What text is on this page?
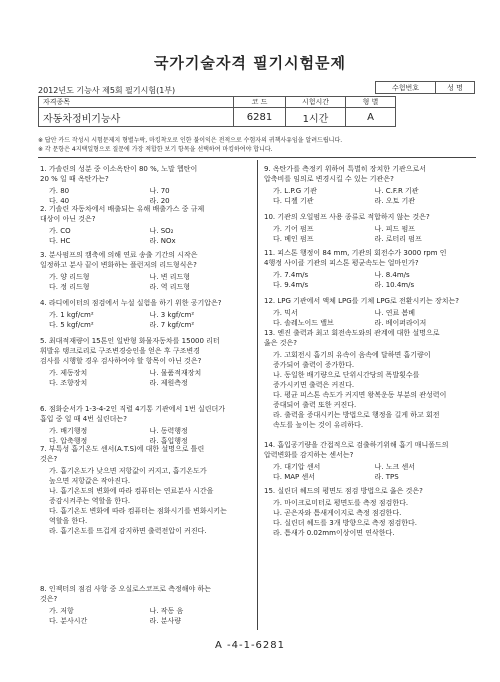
국가기술자격 필기시험문제
2012년도 기능사 제5회 필기시험(1부)	수험번호	성 명
자격종목	코 드	시험시간	형 별	
자동차정비기능사	6281	1시간	A	
※ 답안 카드 작성시 시험문제지 형별누락, 마킹착오로 인한 불이익은 전적으로 수험자의 귀책사유임을 알려드립니다.
※ 각 문항은 4지택일형으로 질문에 가장 적합한 보기 항목을 선택하여 마킹하여야 합니다.
1. 가솔린의 성분 중 이소옥탄이 80 %, 노말 헵탄이
20 % 일 때 옥탄가는?
가. 80	나. 70
다. 40	라. 20
2. 기솔린 자동차에서 배출되는 유해 배출가스 중 규제
대상이 아닌 것은?
가. CO	나. SO₂
다. HC	라. NOx
3. 분사펌프의 캠축에 의해 연료 송출 기간의 시작은
일정하고 분사 끝이 변화하는 플런저의 리드형식은?
가. 양 리드형	나. 변 리드형
다. 정 리드형	라. 역 리드형
4. 라디에이터의 점검에서 누설 실험을 하기 위한 공기압은?
가. 1 kgf/cm²	나. 3 kgf/cm²
다. 5 kgf/cm²	라. 7 kgf/cm²
5. 최대적재량이 15톤인 일반형 화물자동차를 15000 리터
휘발유 탱크로리로 구조변경승인을 얻은 후 구조변경
검사를 시행할 경우 검사하여야 할 항목이 아닌 것은?
가. 제동장치	나. 물품적재장치
다. 조향장치	라. 제원측정
6. 점화순서가 1-3-4-2인 직렬 4기통 기관에서 1번 실린더가
흡입 중 일 때 4번 실린더는?
가. 배기행정	나. 동력행정
다. 압축행정	라. 흡입행정
7. 부특성 흡기온도 센서(A.T.S)에 대한 설명으로 틀린
것은?
가. 흡기온도가 낮으면 저항값이 커지고, 흡기온도가
높으면 저항값은 작아진다.
나. 흡기온도의 변화에 따라 컴퓨터는 연료분사 시간을
증감시켜주는 역할을 한다.
다. 흡기온도 변화에 따라 컴퓨터는 점화시기를 변화시키는
역할을 한다.
라. 흡기온도를 뜨겁게 감지하면 출력전압이 커진다.
8. 인젝터의 점검 사항 중 오실로스코프로 측정해야 하는
것은?
가. 저항	나. 작동 음
다. 분사시간	라. 분사량
9. 옥탄가를 측정키 위하여 특별히 장치한 기관으로서
압축비를 임의로 변경시킬 수 있는 기관은?
가. L.P.G 기관	나. C.F.R 기관
다. 디젤 기관	라. 오토 기관
10. 기관의 오일펌프 사용 종류로 적합하지 않는 것은?
가. 기어 펌프	나. 피드 펌프
다. 베인 펌프	라. 로터리 펌프
11. 피스톤 행정이 84 mm, 기관의 회전수가 3000 rpm 인
4행정 사이클 기관의 피스톤 평균속도는 얼마인가?
가. 7.4m/s	나. 8.4m/s
다. 9.4m/s	라. 10.4m/s
12. LPG 기관에서 액체 LPG를 기체 LPG로 전환시키는 장치는?
가. 믹서	나. 연료 봄베
다. 솔레노이드 밸브	라. 베이퍼라이저
13. 엔진 출력과 최고 회전속도와의 관계에 대한 설명으로
옳은 것은?
가. 고회전시 흡기의 유속이 음속에 달하면 흡기량이
증가되어 출력이 증가한다.
나. 동일한 배기량으로 단위시간당의 폭발횟수를
증가시키면 출력은 커진다.
다. 평균 피스톤 속도가 커지면 왕복운동 부분의 관성력이
증대되어 출력 또한 커진다.
라. 출력을 증대시키는 방법으로 행정을 길게 하고 회전
속도를 높이는 것이 유리하다.
14. 흡입공기량을 간접적으로 검출하기위해 흡기 매니폴드의
압력변화를 감지하는 센서는?
가. 대기압 센서	나. 노크 센서
다. MAP 센서	라. TPS
15. 실린더 헤드의 평면도 점검 방법으로 옳은 것은?
가. 마이크로미터로 평면도를 측정 점검한다.
나. 곧은자와 틈새게이지로 측정 점검한다.
다. 실린더 헤드를 3개 방향으로 측정 점검한다.
라. 틈새가 0.02mm이상이면 연삭한다.
A -4-1-6281
